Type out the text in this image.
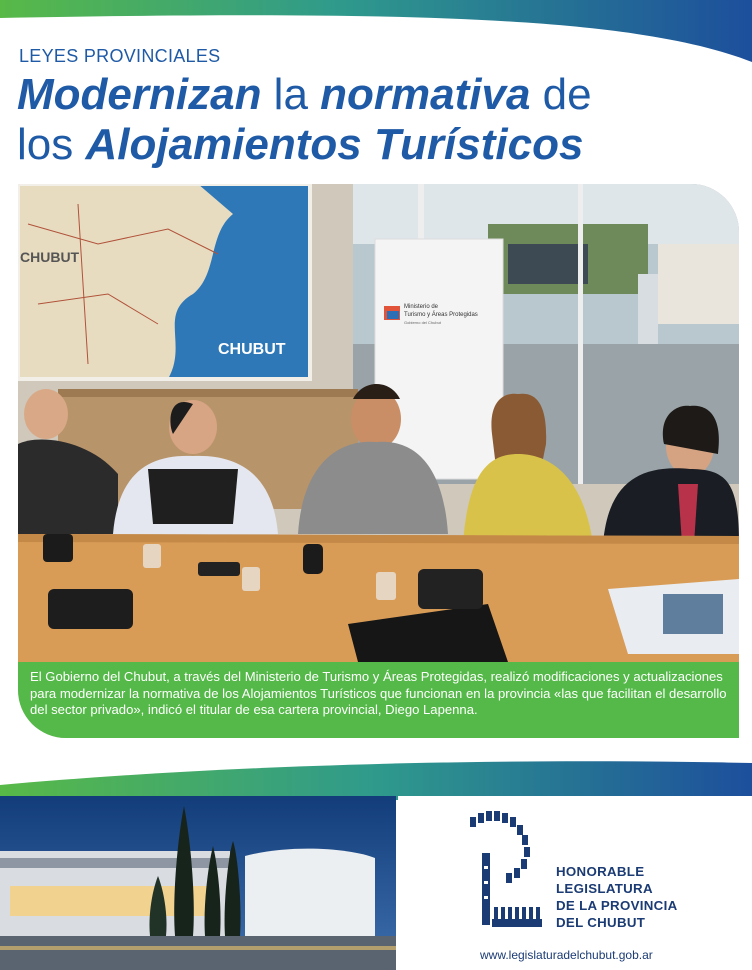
LEYES PROVINCIALES
Modernizan la normativa de
los Alojamientos Turísticos
CHUBUT
CHUBUT
Ministerio de
Turismo y Áreas Protegidas
Gobierno del Chubut
El Gobierno del Chubut, a través del Ministerio de Turismo y Áreas Protegidas, realizó modificaciones y actualizaciones para modernizar la normativa de los Alojamientos Turísticos que funcionan en la provincia «las que facilitan el desarrollo del sector privado», indicó el titular de esa cartera provincial, Diego Lapenna.
HONORABLE
LEGISLATURA
DE LA PROVINCIA
DEL CHUBUT
www.legislaturadelchubut.gob.ar
